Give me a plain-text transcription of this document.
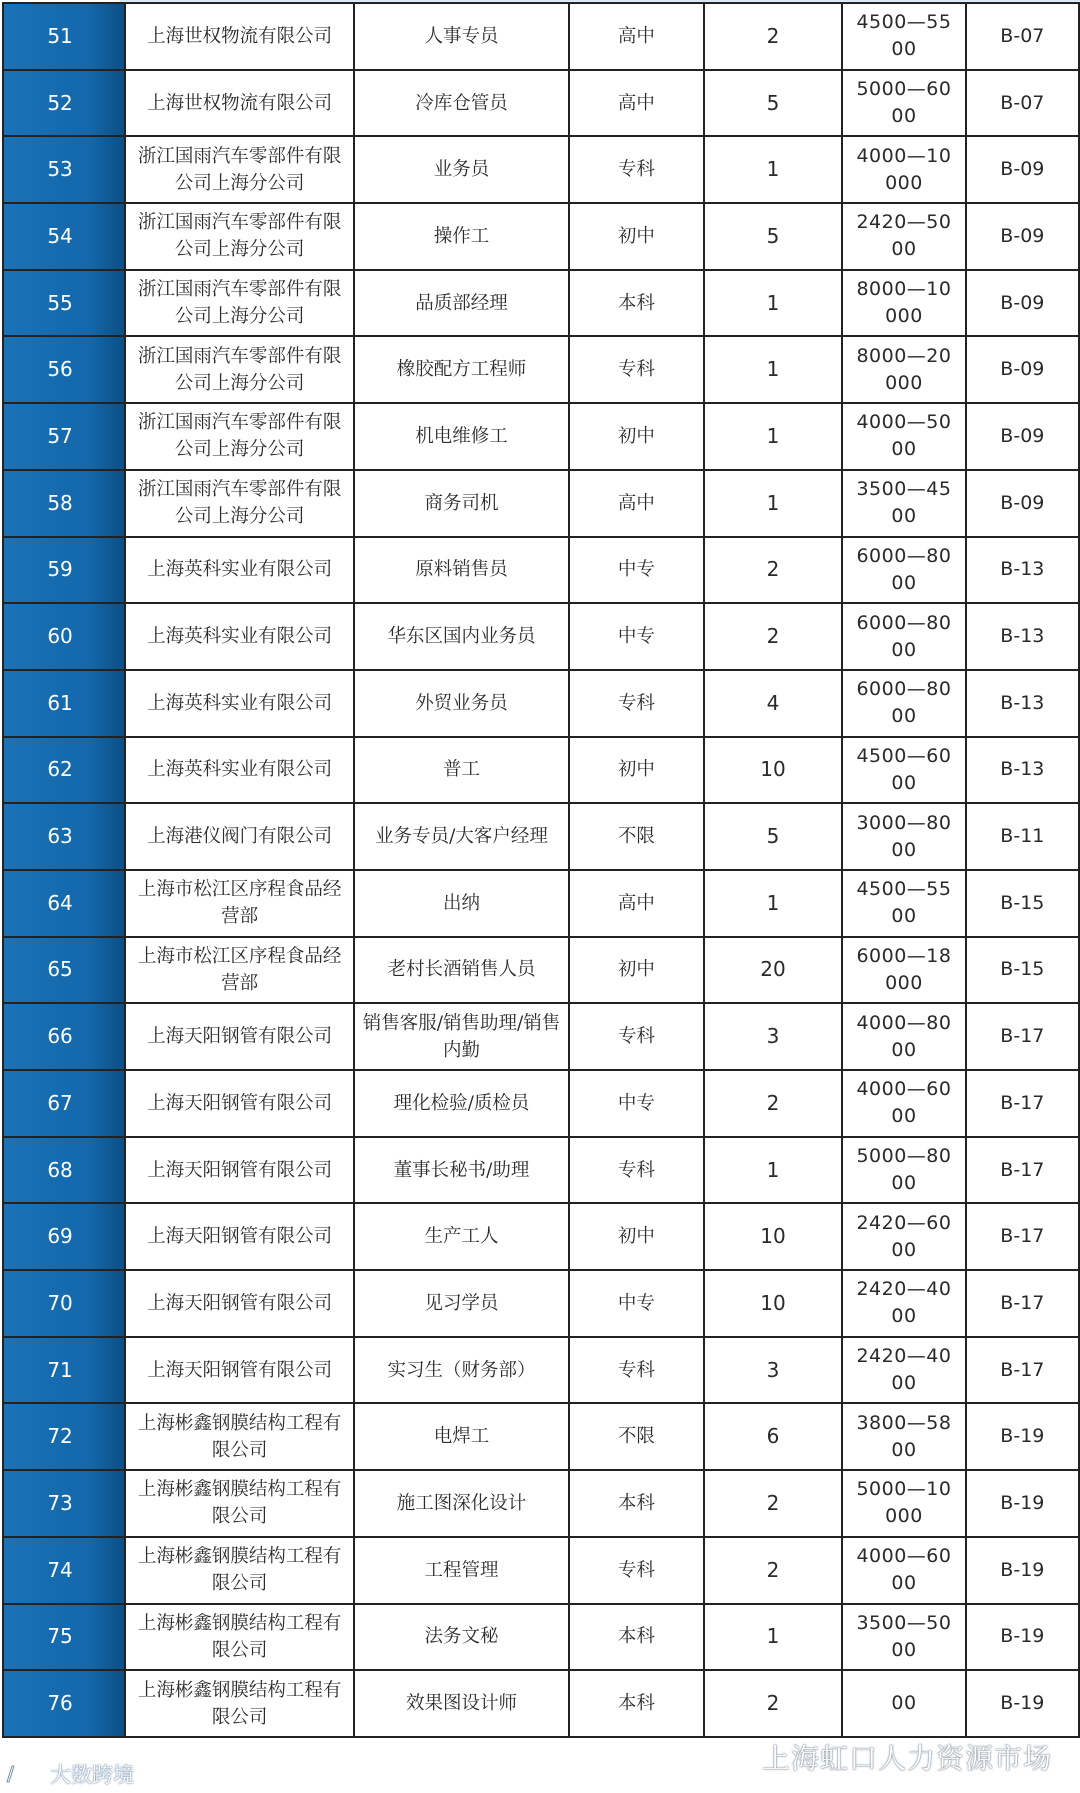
51	上海世权物流有限公司	人事专员	高中	2	4500—5500	B-07
52	上海世权物流有限公司	冷库仓管员	高中	5	5000—6000	B-07
53	浙江国雨汽车零部件有限公司上海分公司	业务员	专科	1	4000—10000	B-09
54	浙江国雨汽车零部件有限公司上海分公司	操作工	初中	5	2420—5000	B-09
55	浙江国雨汽车零部件有限公司上海分公司	品质部经理	本科	1	8000—10000	B-09
56	浙江国雨汽车零部件有限公司上海分公司	橡胶配方工程师	专科	1	8000—20000	B-09
57	浙江国雨汽车零部件有限公司上海分公司	机电维修工	初中	1	4000—5000	B-09
58	浙江国雨汽车零部件有限公司上海分公司	商务司机	高中	1	3500—4500	B-09
59	上海英科实业有限公司	原料销售员	中专	2	6000—8000	B-13
60	上海英科实业有限公司	华东区国内业务员	中专	2	6000—8000	B-13
61	上海英科实业有限公司	外贸业务员	专科	4	6000—8000	B-13
62	上海英科实业有限公司	普工	初中	10	4500—6000	B-13
63	上海港仪阀门有限公司	业务专员/大客户经理	不限	5	3000—8000	B-11
64	上海市松江区序程食品经营部	出纳	高中	1	4500—5500	B-15
65	上海市松江区序程食品经营部	老村长酒销售人员	初中	20	6000—18000	B-15
66	上海天阳钢管有限公司	销售客服/销售助理/销售内勤	专科	3	4000—8000	B-17
67	上海天阳钢管有限公司	理化检验/质检员	中专	2	4000—6000	B-17
68	上海天阳钢管有限公司	董事长秘书/助理	专科	1	5000—8000	B-17
69	上海天阳钢管有限公司	生产工人	初中	10	2420—6000	B-17
70	上海天阳钢管有限公司	见习学员	中专	10	2420—4000	B-17
71	上海天阳钢管有限公司	实习生（财务部）	专科	3	2420—4000	B-17
72	上海彬鑫钢膜结构工程有限公司	电焊工	不限	6	3800—5800	B-19
73	上海彬鑫钢膜结构工程有限公司	施工图深化设计	本科	2	5000—10000	B-19
74	上海彬鑫钢膜结构工程有限公司	工程管理	专科	2	4000—6000	B-19
75	上海彬鑫钢膜结构工程有限公司	法务文秘	本科	1	3500—5000	B-19
76	上海彬鑫钢膜结构工程有限公司	效果图设计师	本科	2	00	B-19
大数跨境	上海虹口人力资源市场
